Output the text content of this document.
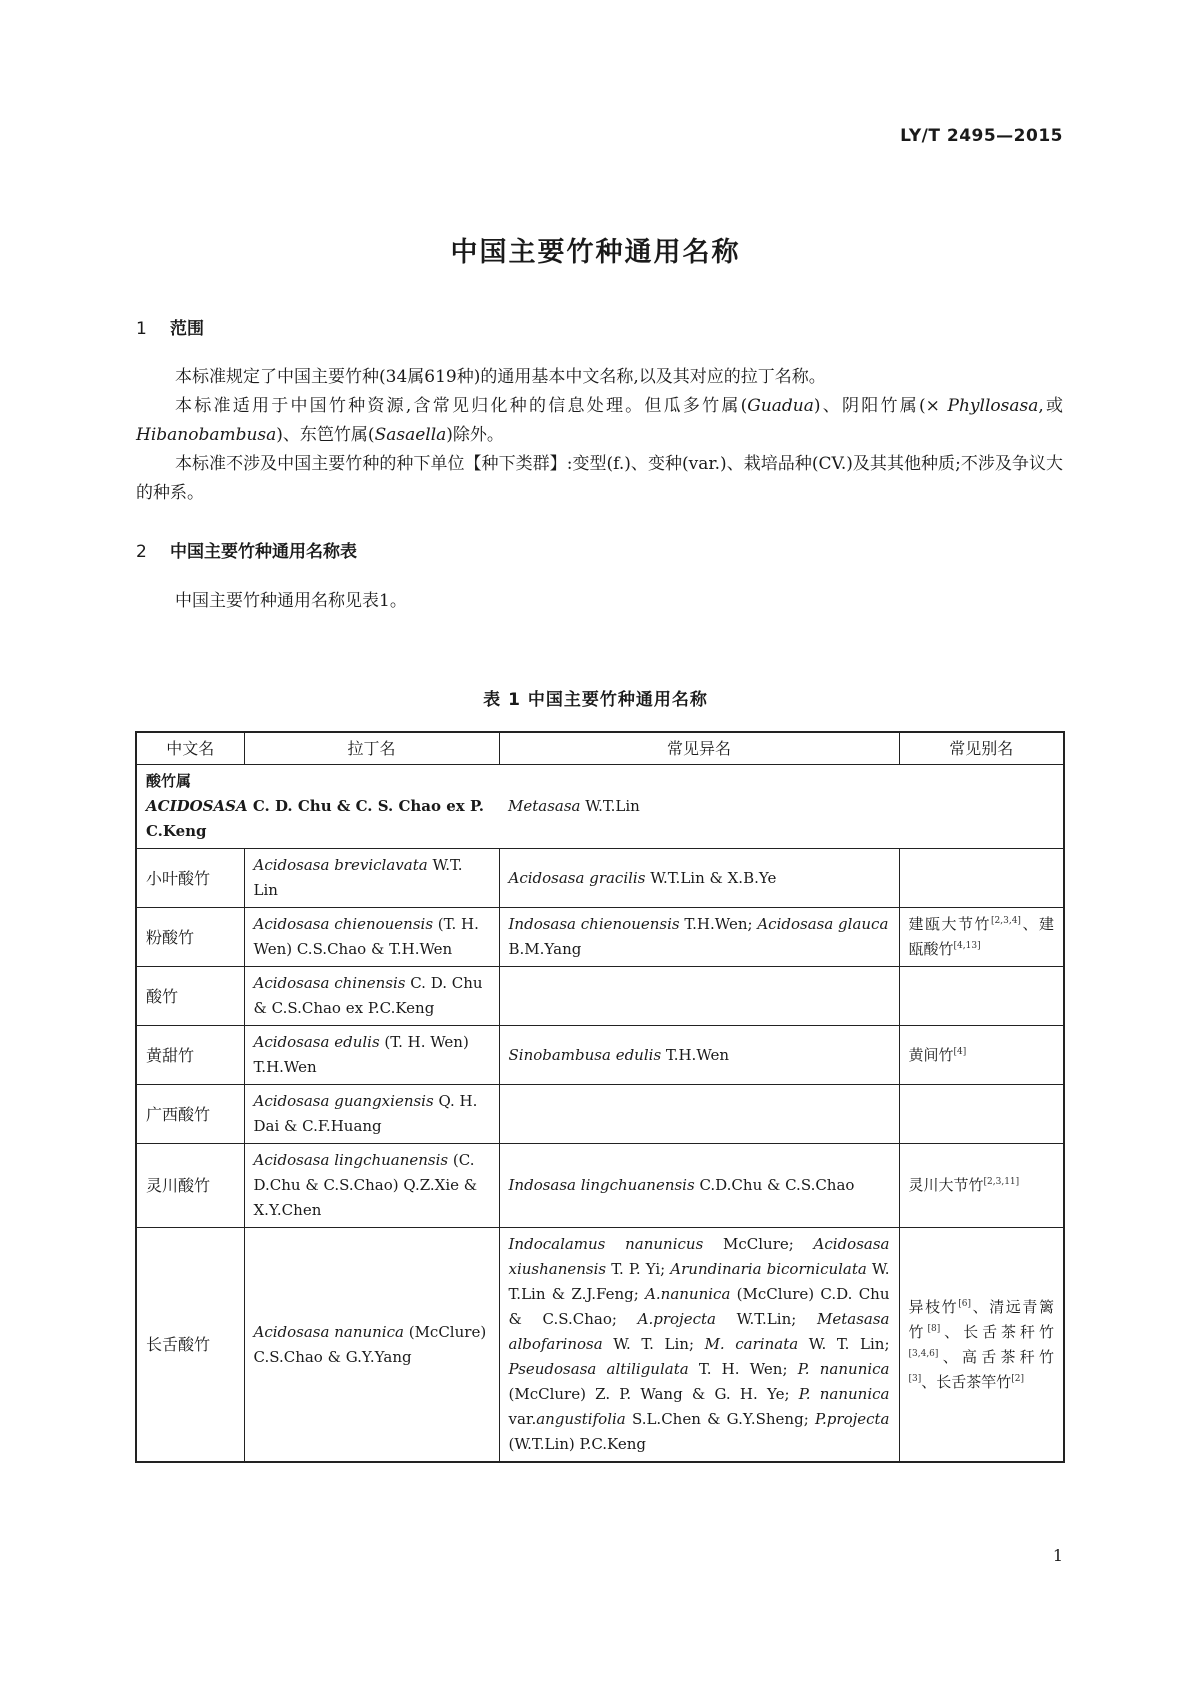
LY/T 2495—2015
中国主要竹种通用名称
1 范围
本标准规定了中国主要竹种(34属619种)的通用基本中文名称,以及其对应的拉丁名称。
本标准适用于中国竹种资源,含常见归化种的信息处理。但瓜多竹属(Guadua)、阴阳竹属(× Phyllosasa,或 Hibanobambusa)、东笆竹属(Sasaella)除外。
本标准不涉及中国主要竹种的种下单位【种下类群】:变型(f.)、变种(var.)、栽培品种(CV.)及其其他种质;不涉及争议大的种系。
2 中国主要竹种通用名称表
中国主要竹种通用名称见表1。
表 1 中国主要竹种通用名称
中文名	拉丁名	常见异名	常见别名

酸竹属
ACIDOSASA C. D. Chu & C. S. Chao ex P. C.Keng		Metasasa W.T.Lin	
小叶酸竹	Acidosasa breviclavata W.T. Lin	Acidosasa gracilis W.T.Lin & X.B.Ye	
粉酸竹	Acidosasa chienouensis (T. H. Wen) C.S.Chao & T.H.Wen	Indosasa chienouensis T.H.Wen; Acidosasa glauca B.M.Yang	建瓯大节竹[2,3,4]、建瓯酸竹[4,13]
酸竹	Acidosasa chinensis C. D. Chu & C.S.Chao ex P.C.Keng		
黄甜竹	Acidosasa edulis (T. H. Wen) T.H.Wen	Sinobambusa edulis T.H.Wen	黄间竹[4]
广西酸竹	Acidosasa guangxiensis Q. H. Dai & C.F.Huang		
灵川酸竹	Acidosasa lingchuanensis (C. D.Chu & C.S.Chao) Q.Z.Xie & X.Y.Chen	Indosasa lingchuanensis C.D.Chu & C.S.Chao	灵川大节竹[2,3,11]
长舌酸竹	Acidosasa nanunica (McClure) C.S.Chao & G.Y.Yang	Indocalamus nanunicus McClure; Acidosasa xiushanensis T. P. Yi; Arundinaria bicorniculata W. T.Lin & Z.J.Feng; A.nanunica (McClure) C.D. Chu & C.S.Chao; A.projecta W.T.Lin; Metasasa albofarinosa W. T. Lin; M. carinata W. T. Lin; Pseudosasa altiligulata T. H. Wen; P. nanunica (McClure) Z. P. Wang & G. H. Ye; P. nanunica var.angustifolia S.L.Chen & G.Y.Sheng; P.projecta (W.T.Lin) P.C.Keng	异枝竹[6]、清远青篱竹[8]、长舌茶秆竹[3,4,6]、高舌茶秆竹[3]、长舌茶竿竹[2]
1
